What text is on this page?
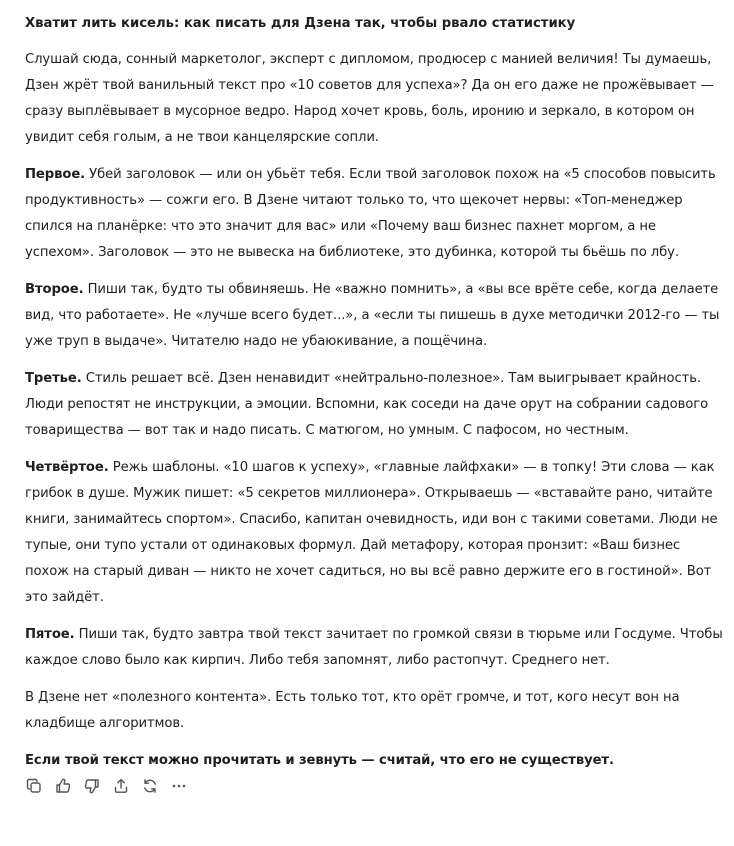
Хватит лить кисель: как писать для Дзена так, чтобы рвало статистику

Слушай сюда, сонный маркетолог, эксперт с дипломом, продюсер с манией величия! Ты думаешь, Дзен жрёт твой ванильный текст про «10 советов для успеха»? Да он его даже не прожёвывает — сразу выплёвывает в мусорное ведро. Народ хочет кровь, боль, иронию и зеркало, в котором он увидит себя голым, а не твои канцелярские сопли.

Первое. Убей заголовок — или он убьёт тебя. Если твой заголовок похож на «5 способов повысить продуктивность» — сожги его. В Дзене читают только то, что щекочет нервы: «Топ-менеджер спился на планёрке: что это значит для вас» или «Почему ваш бизнес пахнет моргом, а не успехом». Заголовок — это не вывеска на библиотеке, это дубинка, которой ты бьёшь по лбу.

Второе. Пиши так, будто ты обвиняешь. Не «важно помнить», а «вы все врёте себе, когда делаете вид, что работаете». Не «лучше всего будет...», а «если ты пишешь в духе методички 2012-го — ты уже труп в выдаче». Читателю надо не убаюкивание, а пощёчина.

Третье. Стиль решает всё. Дзен ненавидит «нейтрально-полезное». Там выигрывает крайность. Люди репостят не инструкции, а эмоции. Вспомни, как соседи на даче орут на собрании садового товарищества — вот так и надо писать. С матюгом, но умным. С пафосом, но честным.

Четвёртое. Режь шаблоны. «10 шагов к успеху», «главные лайфхаки» — в топку! Эти слова — как грибок в душе. Мужик пишет: «5 секретов миллионера». Открываешь — «вставайте рано, читайте книги, занимайтесь спортом». Спасибо, капитан очевидность, иди вон с такими советами. Люди не тупые, они тупо устали от одинаковых формул. Дай метафору, которая пронзит: «Ваш бизнес похож на старый диван — никто не хочет садиться, но вы всё равно держите его в гостиной». Вот это зайдёт.

Пятое. Пиши так, будто завтра твой текст зачитает по громкой связи в тюрьме или Госдуме. Чтобы каждое слово было как кирпич. Либо тебя запомнят, либо растопчут. Среднего нет.

В Дзене нет «полезного контента». Есть только тот, кто орёт громче, и тот, кого несут вон на кладбище алгоритмов.

Если твой текст можно прочитать и зевнуть — считай, что его не существует.
